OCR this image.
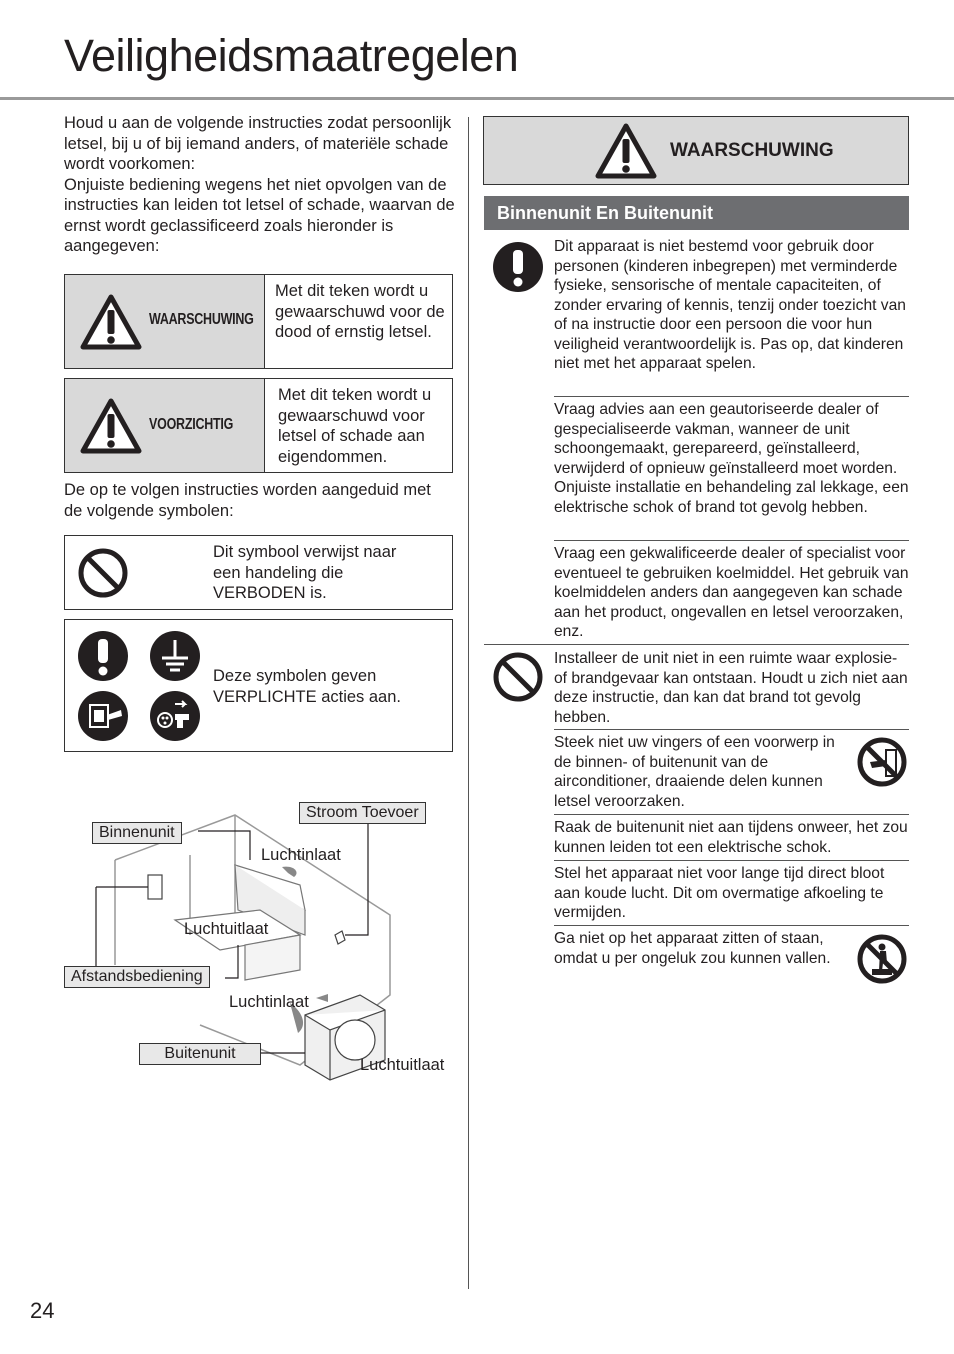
Veiligheidsmaatregelen

Houd u aan de volgende instructies zodat persoonlijk letsel, bij u of bij iemand anders, of materiële schade wordt voorkomen:

Onjuiste bediening wegens het niet opvolgen van de instructies kan leiden tot letsel of schade, waarvan de ernst wordt geclassificeerd zoals hieronder is aangegeven:

WAARSCHUWING
Met dit teken wordt u gewaarschuwd voor de dood of ernstig letsel.
VOORZICHTIG
Met dit teken wordt u gewaarschuwd voor letsel of schade aan eigendommen.
De op te volgen instructies worden aangeduid met de volgende symbolen:
Dit symbool verwijst naar een handeling die VERBODEN is.
Deze symbolen geven VERPLICHTE acties aan.
Binnenunit
Stroom Toevoer
Luchtinlaat
Luchtuitlaat
Afstandsbediening
Luchtinlaat
Buitenunit
Luchtuitlaat
WAARSCHUWING
Binnenunit En Buitenunit
Dit apparaat is niet bestemd voor gebruik door personen (kinderen inbegrepen) met verminderde fysieke, sensorische of mentale capaciteiten, of zonder ervaring of kennis, tenzij onder toezicht van of na instructie door een persoon die voor hun veiligheid verantwoordelijk is. Pas op, dat kinderen niet met het apparaat spelen.
Vraag advies aan een geautoriseerde dealer of gespecialiseerde vakman, wanneer de unit schoongemaakt, gerepareerd, geïnstalleerd, verwijderd of opnieuw geïnstalleerd moet worden. Onjuiste installatie en behandeling zal lekkage, een elektrische schok of brand tot gevolg hebben.
Vraag een gekwalificeerde dealer of specialist voor eventueel te gebruiken koelmiddel. Het gebruik van koelmiddelen anders dan aangegeven kan schade aan het product, ongevallen en letsel veroorzaken, enz.
Installeer de unit niet in een ruimte waar explosie- of brandgevaar kan ontstaan. Houdt u zich niet aan deze instructie, dan kan dat brand tot gevolg hebben.
Steek niet uw vingers of een voorwerp in de binnen- of buitenunit van de airconditioner, draaiende delen kunnen letsel veroorzaken.
Raak de buitenunit niet aan tijdens onweer, het zou kunnen leiden tot een elektrische schok.
Stel het apparaat niet voor lange tijd direct bloot aan koude lucht. Dit om overmatige afkoeling te vermijden.
Ga niet op het apparaat zitten of staan, omdat u per ongeluk zou kunnen vallen.
24
